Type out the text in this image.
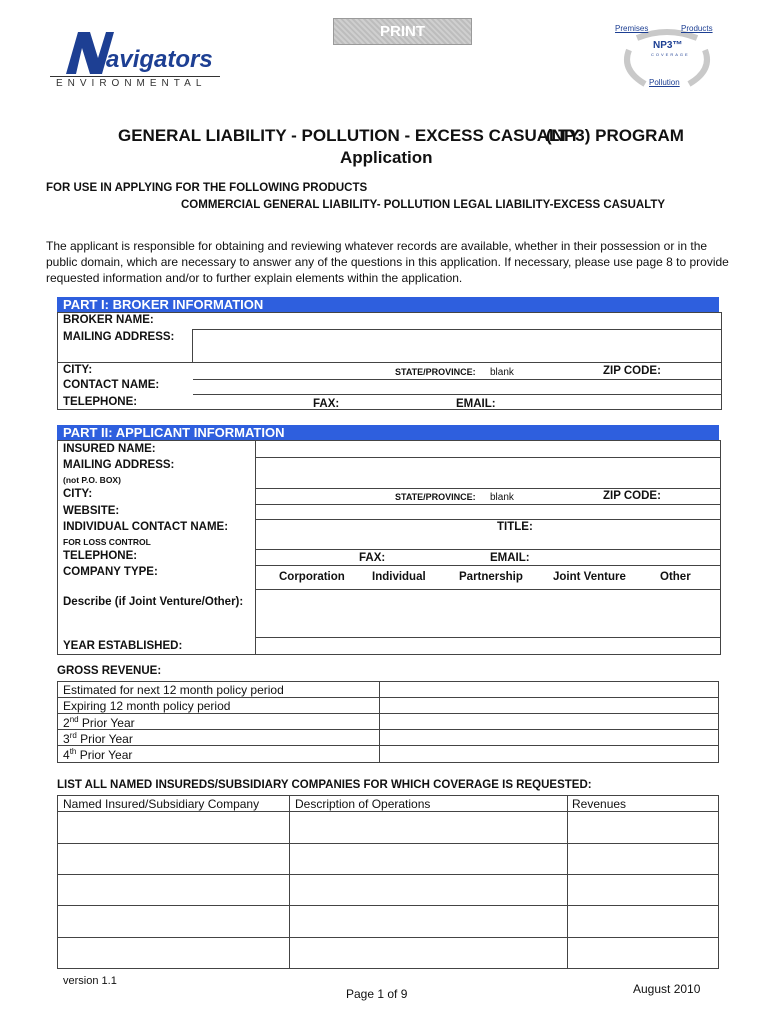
PRINT
avigators
ENVIRONMENTAL
Premises	Products
NP3™
COVERAGE
Pollution
GENERAL LIABILITY - POLLUTION - EXCESS CASUALTY
(NP3) PROGRAM
Application
FOR USE IN APPLYING FOR THE FOLLOWING PRODUCTS
COMMERCIAL GENERAL LIABILITY- POLLUTION LEGAL LIABILITY-EXCESS CASUALTY
The applicant is responsible for obtaining and reviewing whatever records are available, whether in their possession or in the
public domain, which are necessary to answer any of the questions in this application. If necessary, please use page 8 to provide
requested information and/or to further explain elements within the application.
PART I: BROKER INFORMATION
BROKER NAME:
MAILING ADDRESS:
CITY:	STATE/PROVINCE: blank	ZIP CODE:
CONTACT NAME:
TELEPHONE:	FAX:	EMAIL:
PART II: APPLICANT INFORMATION
INSURED NAME:
MAILING ADDRESS:
(not P.O. BOX)
CITY:	STATE/PROVINCE: blank	ZIP CODE:
WEBSITE:
INDIVIDUAL CONTACT NAME:
FOR LOSS CONTROL
TITLE:
TELEPHONE:	FAX:	EMAIL:
COMPANY TYPE:	Corporation Individual	Partnership	Joint Venture	Other
Describe (if Joint Venture/Other):
YEAR ESTABLISHED:
GROSS REVENUE:
Estimated for next 12 month policy period
Expiring 12 month policy period
2nd Prior Year
3rd Prior Year
4th Prior Year
LIST ALL NAMED INSUREDS/SUBSIDIARY COMPANIES FOR WHICH COVERAGE IS REQUESTED:
Named Insured/Subsidiary Company	Description of Operations	Revenues
version 1.1
Page 1 of 9	August 2010
